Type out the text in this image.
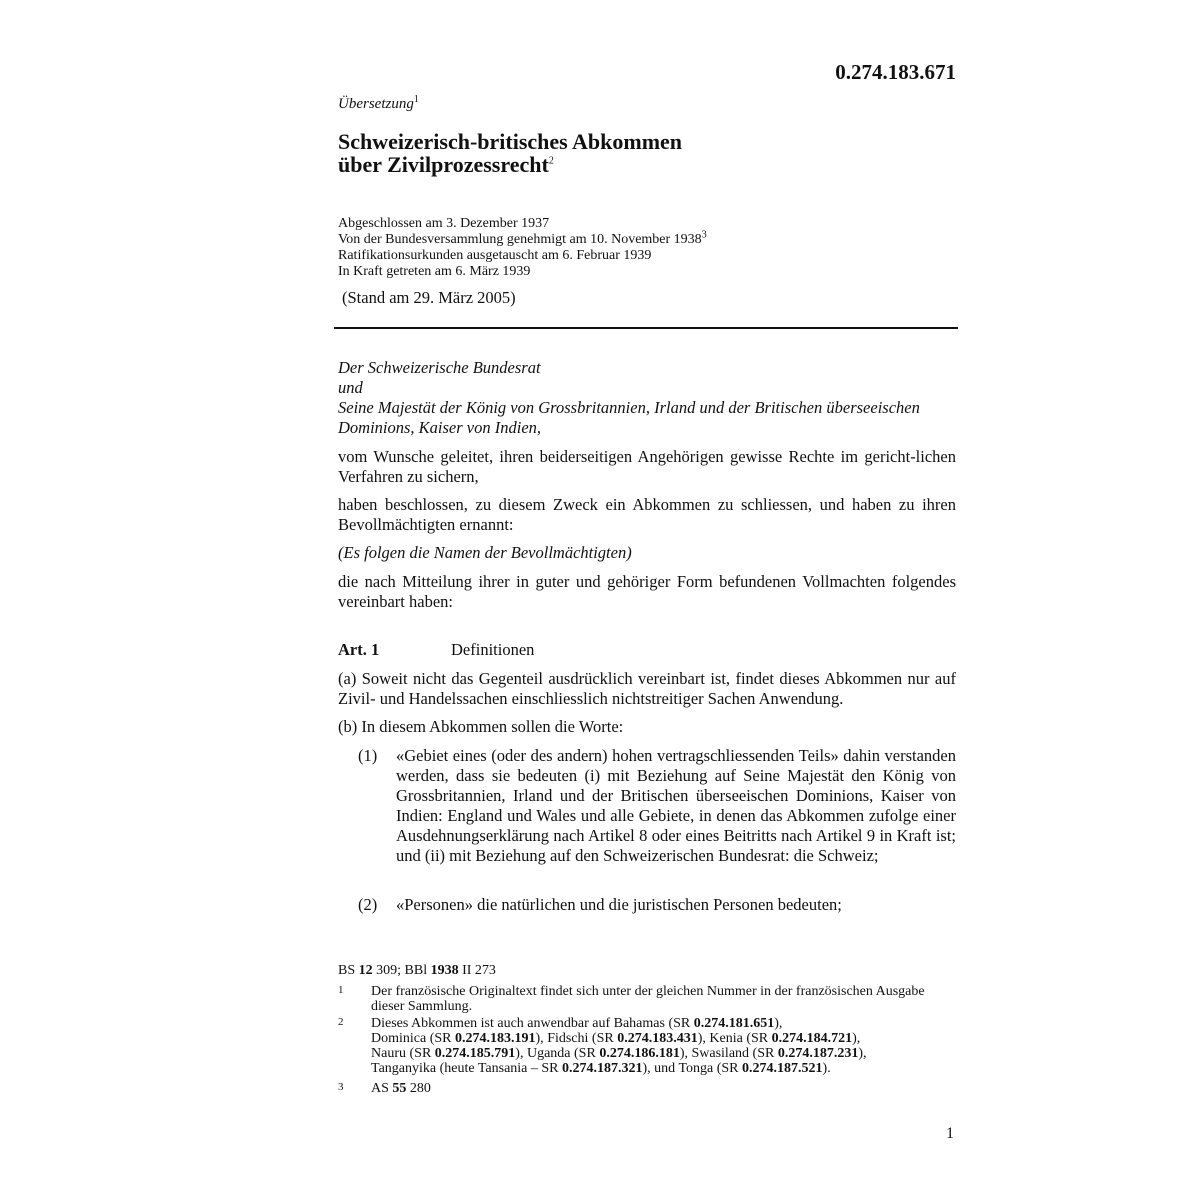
0.274.183.671
Übersetzung$^1$
Schweizerisch-britisches Abkommen
über Zivilprozessrecht$^2$
Abgeschlossen am 3. Dezember 1937
Von der Bundesversammlung genehmigt am 10. November 1938$^3$
Ratifikationsurkunden ausgetauscht am 6. Februar 1939
In Kraft getreten am 6. März 1939
(Stand am 29. März 2005)
Der Schweizerische Bundesrat
und
Seine Majestät der König von Grossbritannien, Irland und der Britischen überseeischen Dominions, Kaiser von Indien,
vom Wunsche geleitet, ihren beiderseitigen Angehörigen gewisse Rechte im gericht-lichen Verfahren zu sichern,
haben beschlossen, zu diesem Zweck ein Abkommen zu schliessen, und haben zu ihren Bevollmächtigten ernannt:
(Es folgen die Namen der Bevollmächtigten)
die nach Mitteilung ihrer in guter und gehöriger Form befundenen Vollmachten folgendes vereinbart haben:
Art. 1	Definitionen
(a) Soweit nicht das Gegenteil ausdrücklich vereinbart ist, findet dieses Abkommen nur auf Zivil- und Handelssachen einschliesslich nichtstreitiger Sachen Anwendung.
(b) In diesem Abkommen sollen die Worte:
(1) «Gebiet eines (oder des andern) hohen vertragschliessenden Teils» dahin verstanden werden, dass sie bedeuten (i) mit Beziehung auf Seine Majestät den König von Grossbritannien, Irland und der Britischen überseeischen Dominions, Kaiser von Indien: England und Wales und alle Gebiete, in denen das Abkommen zufolge einer Ausdehnungserklärung nach Artikel 8 oder eines Beitritts nach Artikel 9 in Kraft ist; und (ii) mit Beziehung auf den Schweizerischen Bundesrat: die Schweiz;
(2) «Personen» die natürlichen und die juristischen Personen bedeuten;
BS 12 309; BBl 1938 II 273
1 Der französische Originaltext findet sich unter der gleichen Nummer in der französischen Ausgabe dieser Sammlung.
2 Dieses Abkommen ist auch anwendbar auf Bahamas (SR 0.274.181.651),
Dominica (SR 0.274.183.191), Fidschi (SR 0.274.183.431), Kenia (SR 0.274.184.721),
Nauru (SR 0.274.185.791), Uganda (SR 0.274.186.181), Swasiland (SR 0.274.187.231),
Tanganyika (heute Tansania – SR 0.274.187.321), und Tonga (SR 0.274.187.521).
3 AS 55 280
1
